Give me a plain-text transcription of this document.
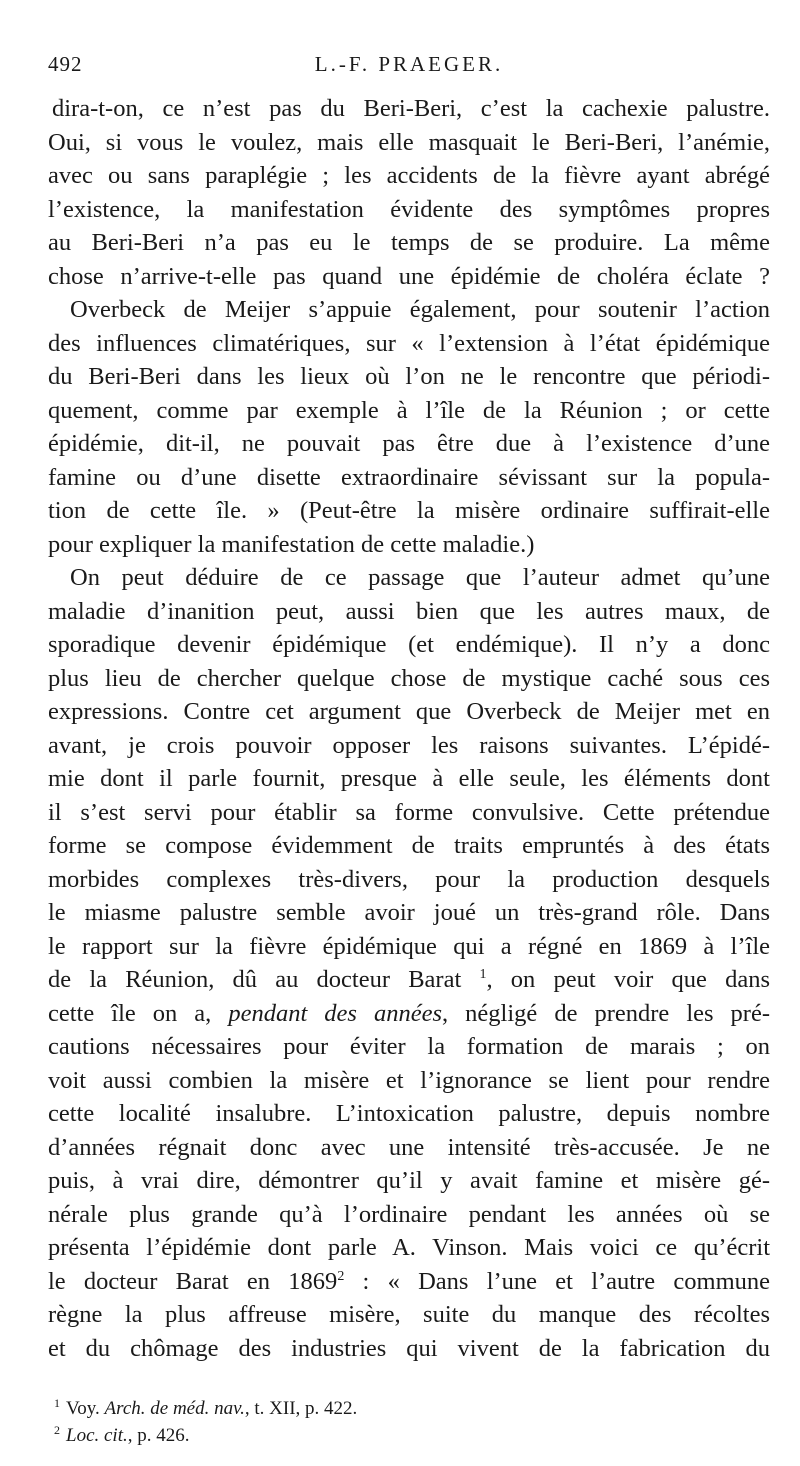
492	L.-F. PRAEGER.
dira-t-on, ce n’est pas du Beri-Beri, c’est la cachexie palustre.
Oui, si vous le voulez, mais elle masquait le Beri-Beri, l’anémie,
avec ou sans paraplégie ; les accidents de la fièvre ayant abrégé
l’existence, la manifestation évidente des symptômes propres
au Beri-Beri n’a pas eu le temps de se produire. La même
chose n’arrive-t-elle pas quand une épidémie de choléra éclate ?
Overbeck de Meijer s’appuie également, pour soutenir l’action
des influences climatériques, sur « l’extension à l’état épidémique
du Beri-Beri dans les lieux où l’on ne le rencontre que périodi-
quement, comme par exemple à l’île de la Réunion ; or cette
épidémie, dit-il, ne pouvait pas être due à l’existence d’une
famine ou d’une disette extraordinaire sévissant sur la popula-
tion de cette île. » (Peut-être la misère ordinaire suffirait-elle
pour expliquer la manifestation de cette maladie.)
On peut déduire de ce passage que l’auteur admet qu’une
maladie d’inanition peut, aussi bien que les autres maux, de
sporadique devenir épidémique (et endémique). Il n’y a donc
plus lieu de chercher quelque chose de mystique caché sous ces
expressions. Contre cet argument que Overbeck de Meijer met en
avant, je crois pouvoir opposer les raisons suivantes. L’épidé-
mie dont il parle fournit, presque à elle seule, les éléments dont
il s’est servi pour établir sa forme convulsive. Cette prétendue
forme se compose évidemment de traits empruntés à des états
morbides complexes très-divers, pour la production desquels
le miasme palustre semble avoir joué un très-grand rôle. Dans
le rapport sur la fièvre épidémique qui a régné en 1869 à l’île
de la Réunion, dû au docteur Barat $^1$, on peut voir que dans
cette île on a, pendant des années, négligé de prendre les pré-
cautions nécessaires pour éviter la formation de marais ; on
voit aussi combien la misère et l’ignorance se lient pour rendre
cette localité insalubre. L’intoxication palustre, depuis nombre
d’années régnait donc avec une intensité très-accusée. Je ne
puis, à vrai dire, démontrer qu’il y avait famine et misère gé-
nérale plus grande qu’à l’ordinaire pendant les années où se
présenta l’épidémie dont parle A. Vinson. Mais voici ce qu’écrit
le docteur Barat en 1869$^2$ : « Dans l’une et l’autre commune
règne la plus affreuse misère, suite du manque des récoltes
et du chômage des industries qui vivent de la fabrication du
$^1$ Voy. Arch. de méd. nav., t. XII, p. 422.
$^2$ Loc. cit., p. 426.
